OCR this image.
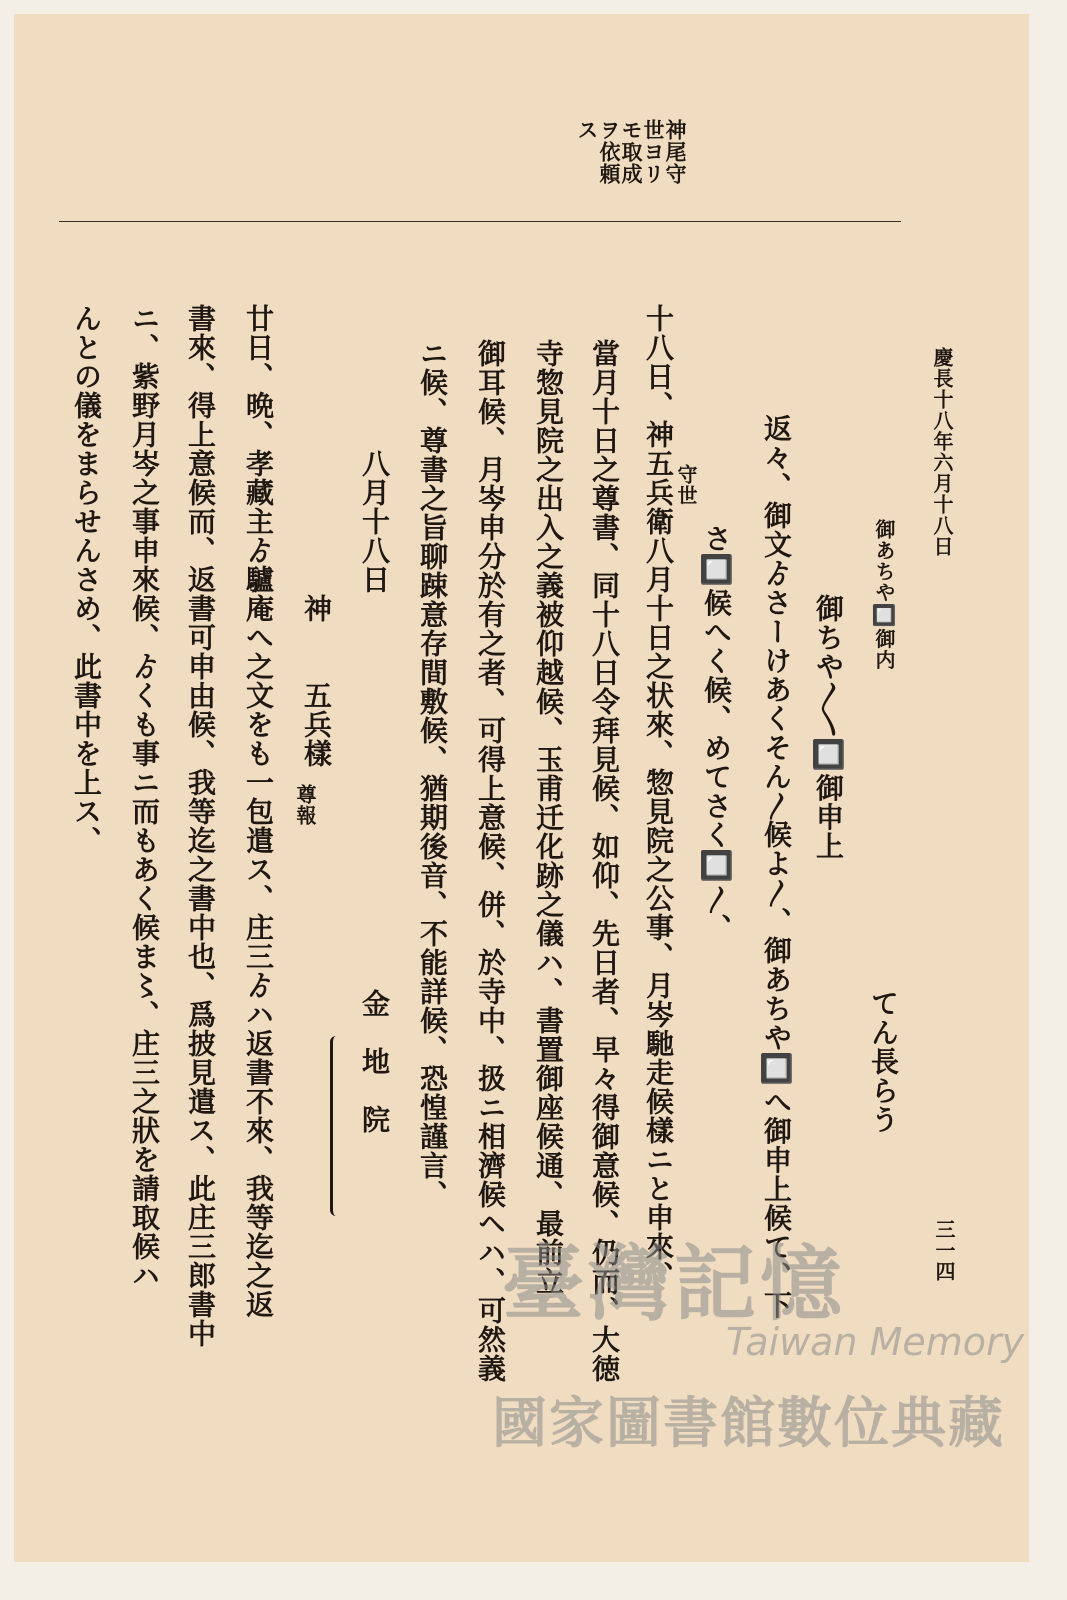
慶長十八年六月十八日
三一四
神尾守世ヨリモ取成ヲ依頼ス
てん長らう
御あちや🔲御内
御ちや〳〵🔲御申上
返々、御文ゟさーけあくそん〳候よ〳、御あちや🔲へ御申上候て、下
さ🔲候へく候、めてさく🔲〳、
守世
十八日、神五兵衛八月十日之状來、惣見院之公事、月岑馳走候樣ニと申來、
當月十日之尊書、同十八日令拜見候、如仰、先日者、早々得御意候、仍而、大徳
寺惣見院之出入之義被仰越候、玉甫迁化跡之儀ハ、書置御座候通、最前立
御耳候、月岑申分於有之者、可得上意候、併、於寺中、扱ニ相濟候ヘハ、可然義
ニ候、尊書之旨聊踈意存間敷候、猶期後音、不能詳候、恐惶謹言、
八月十八日
金　地　院
神　　五兵樣
尊報
廿日、晩、孝藏主ゟ驢庵へ之文をも一包遣ス、庄三ゟハ返書不來、我等迄之返
書來、得上意候而、返書可申由候、我等迄之書中也、爲披見遣ス、此庄三郎書中
ニ、紫野月岑之事申來候、ゟくも事ニ而もあく候ま〻、庄三之狀を請取候ハ
んとの儀をまらせんさめ、此書中を上ス、
臺灣記憶
Taiwan Memory
國家圖書館數位典藏
